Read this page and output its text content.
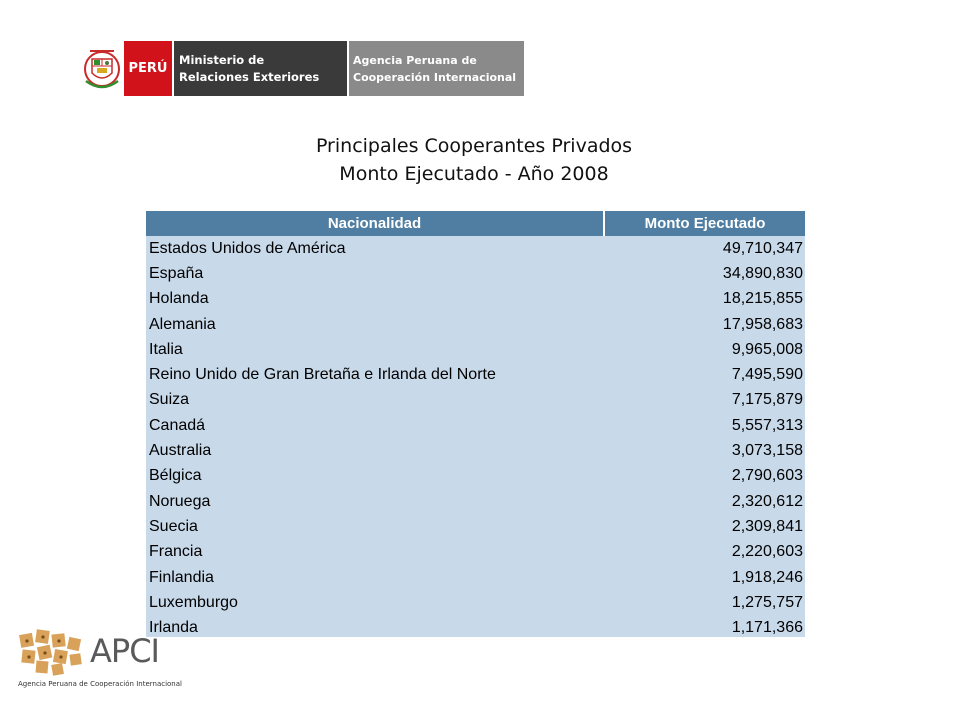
PERÚ
Ministerio de
Relaciones Exteriores
Agencia Peruana de
Cooperación Internacional
Principales Cooperantes Privados
Monto Ejecutado - Año 2008
Nacionalidad	Monto Ejecutado
Estados Unidos de América	49,710,347
España	34,890,830
Holanda	18,215,855
Alemania	17,958,683
Italia	9,965,008
Reino Unido de Gran Bretaña e Irlanda del Norte	7,495,590
Suiza	7,175,879
Canadá	5,557,313
Australia	3,073,158
Bélgica	2,790,603
Noruega	2,320,612
Suecia	2,309,841
Francia	2,220,603
Finlandia	1,918,246
Luxemburgo	1,275,757
Irlanda	1,171,366
APCI
Agencia Peruana de Cooperación Internacional
